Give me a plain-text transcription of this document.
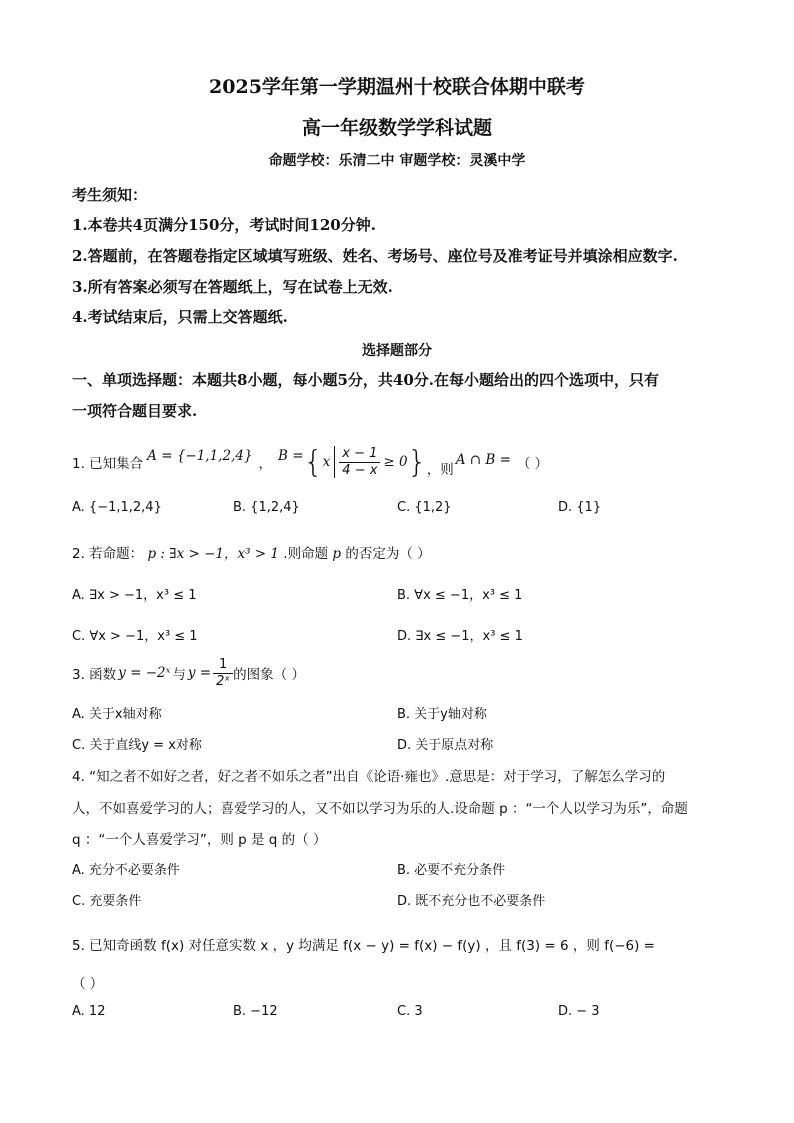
2025学年第一学期温州十校联合体期中联考
高一年级数学学科试题
命题学校：乐清二中 审题学校：灵溪中学
考生须知：
1.本卷共4页满分150分，考试时间120分钟.
2.答题前，在答题卷指定区域填写班级、姓名、考场号、座位号及准考证号并填涂相应数字.
3.所有答案必须写在答题纸上，写在试卷上无效.
4.考试结束后，只需上交答题纸.
选择题部分
一、单项选择题：本题共8小题，每小题5分，共40分.在每小题给出的四个选项中，只有
一项符合题目要求.
1. 已知集合 A = {−1,1,2,4} ， B = { x $\frac{x - 1}{4 - x} \ge 0$ } ，则
A ∩ B = （ ）
A. {−1,1,2,4}	B. {1,2,4}	C. {1,2}	D. {1}
2. 若命题： p : ∃x > −1，x³ > 1 .则命题 p 的否定为（ ）
A. ∃x > −1，x³ ≤ 1	B. ∀x ≤ −1，x³ ≤ 1
C. ∀x > −1，x³ ≤ 1	D. ∃x ≤ −1，x³ ≤ 1
3. 函数 y = −2ˣ 与 $y = \frac{1}{\text{2ˣ}}$ 的图象（ ）
A. 关于x轴对称	B. 关于y轴对称
C. 关于直线y = x对称	D. 关于原点对称
4. “知之者不如好之者，好之者不如乐之者”出自《论语·雍也》.意思是：对于学习，了解怎么学习的
人，不如喜爱学习的人；喜爱学习的人，又不如以学习为乐的人.设命题 p ：“一个人以学习为乐”，命题
q ：“一个人喜爱学习”，则 p 是 q 的（ ）
A. 充分不必要条件	B. 必要不充分条件
C. 充要条件	D. 既不充分也不必要条件
5. 已知奇函数 f(x) 对任意实数 x ，y 均满足 f(x − y) = f(x) − f(y) ，且 f(3) = 6 ，则 f(−6) =
（ ）
A. 12	B. −12	C. 3	D. − 3
